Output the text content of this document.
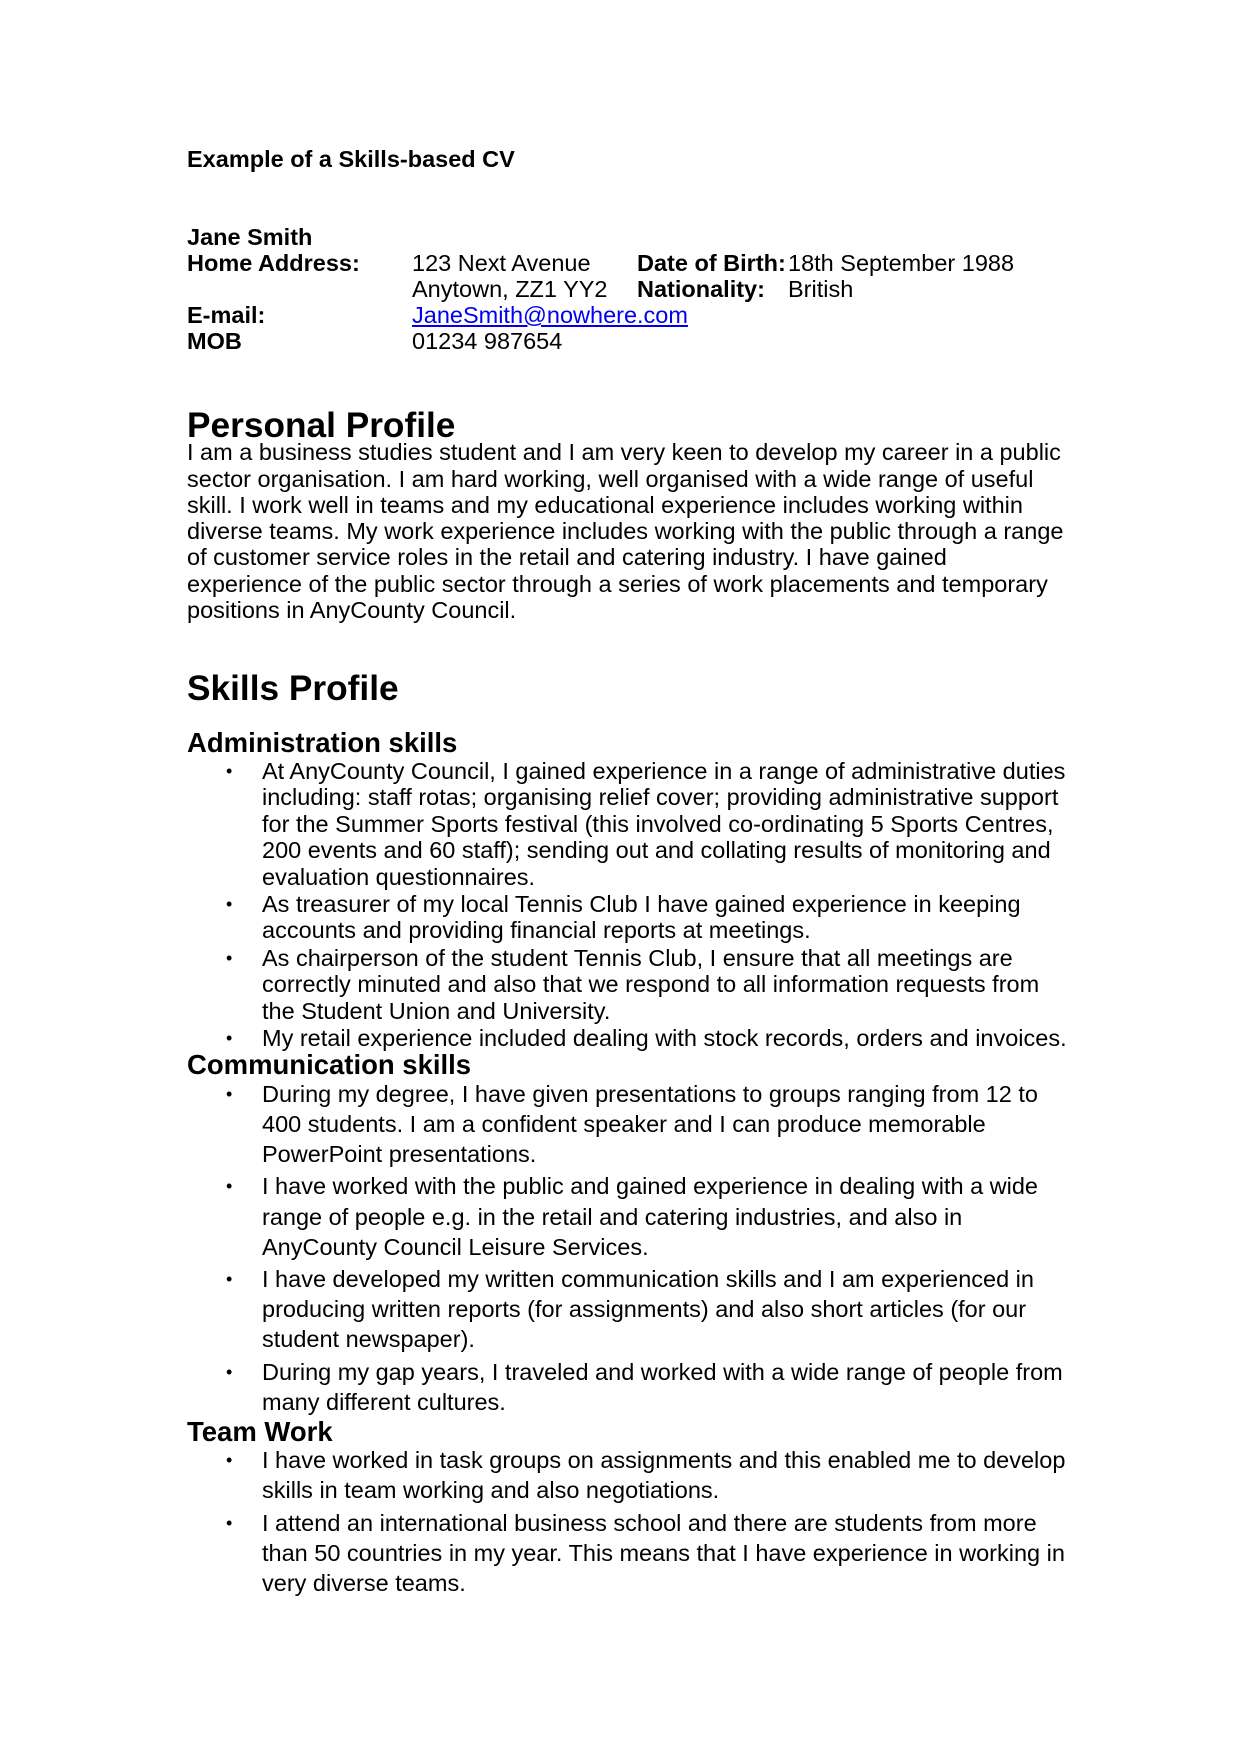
Example of a Skills-based CV
Jane Smith
Home Address: 123 Next Avenue
Anytown, ZZ1 YY2
Date of Birth: 18th September 1988
Nationality: British
E-mail:	JaneSmith@nowhere.com
MOB	01234 987654
Personal Profile

I am a business studies student and I am very keen to develop my career in a public sector organisation. I am hard working, well organised with a wide range of useful skill. I work well in teams and my educational experience includes working within diverse teams. My work experience includes working with the public through a range of customer service roles in the retail and catering industry. I have gained experience of the public sector through a series of work placements and temporary positions in AnyCounty Council.

Skills Profile
Administration skills
• At AnyCounty Council, I gained experience in a range of administrative duties including: staff rotas; organising relief cover; providing administrative support for the Summer Sports festival (this involved co-ordinating 5 Sports Centres, 200 events and 60 staff); sending out and collating results of monitoring and evaluation questionnaires.
• As treasurer of my local Tennis Club I have gained experience in keeping accounts and providing financial reports at meetings.
• As chairperson of the student Tennis Club, I ensure that all meetings are correctly minuted and also that we respond to all information requests from the Student Union and University.
• My retail experience included dealing with stock records, orders and invoices.
Communication skills
• During my degree, I have given presentations to groups ranging from 12 to 400 students. I am a confident speaker and I can produce memorable PowerPoint presentations.
• I have worked with the public and gained experience in dealing with a wide range of people e.g. in the retail and catering industries, and also in AnyCounty Council Leisure Services.
• I have developed my written communication skills and I am experienced in producing written reports (for assignments) and also short articles (for our student newspaper).
• During my gap years, I traveled and worked with a wide range of people from many different cultures.
Team Work
• I have worked in task groups on assignments and this enabled me to develop skills in team working and also negotiations.
• I attend an international business school and there are students from more than 50 countries in my year. This means that I have experience in working in very diverse teams.
